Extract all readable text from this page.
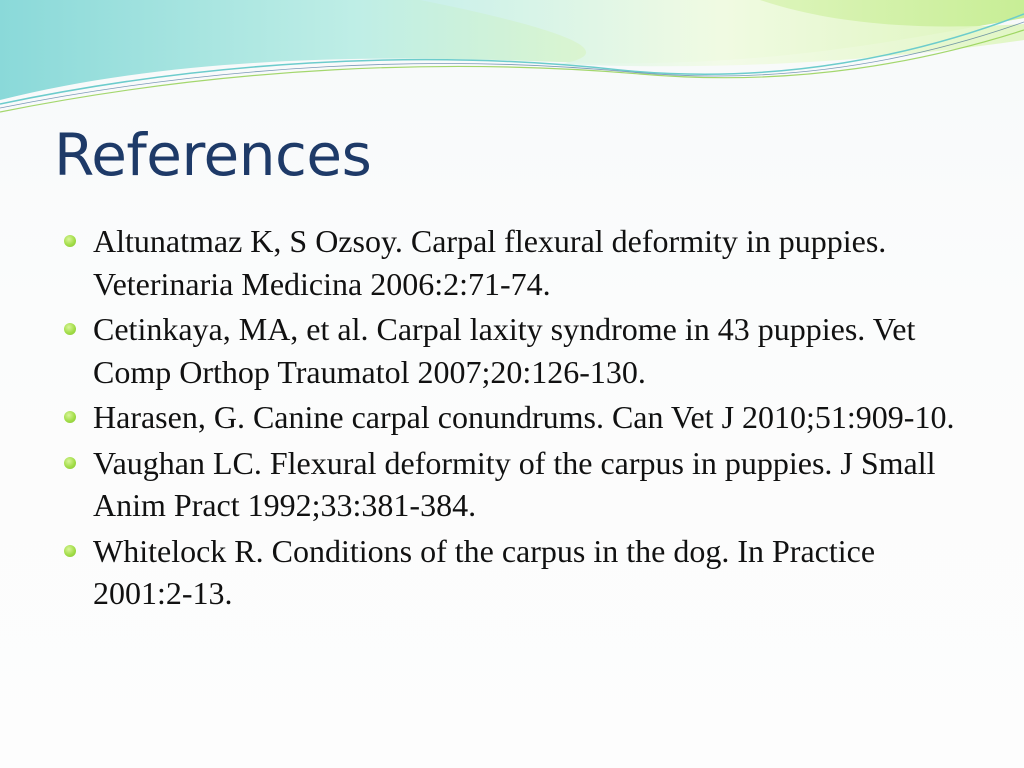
References
Altunatmaz K, S Ozsoy. Carpal flexural deformity in puppies. Veterinaria Medicina 2006:2:71-74.
Cetinkaya, MA, et al. Carpal laxity syndrome in 43 puppies. Vet Comp Orthop Traumatol 2007;20:126-130.
Harasen, G. Canine carpal conundrums. Can Vet J 2010;51:909-10.
Vaughan LC. Flexural deformity of the carpus in puppies. J Small Anim Pract 1992;33:381-384.
Whitelock R. Conditions of the carpus in the dog. In Practice 2001:2-13.
